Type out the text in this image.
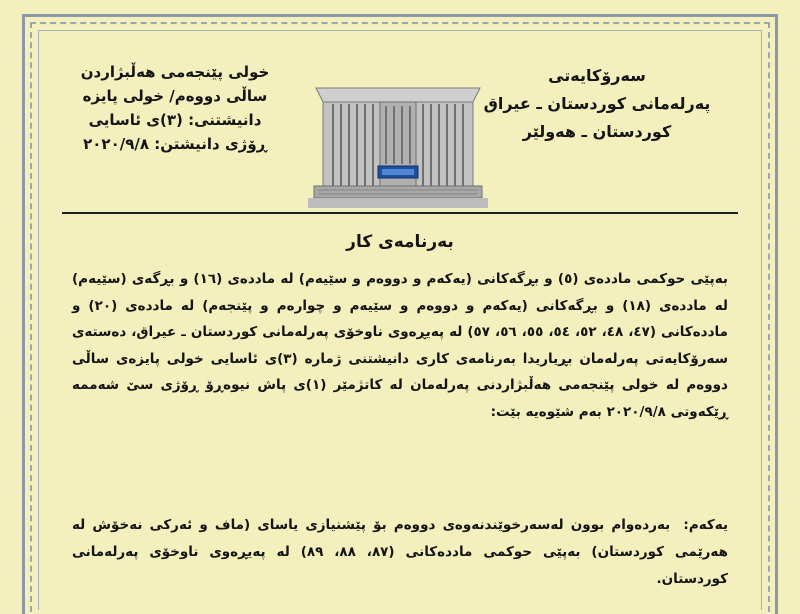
سەرۆکایەتی
پەرلەمانی کوردستان ـ عیراق
کوردستان ـ هەولێر
خولی پێنجەمی هەڵبژاردن
ساڵی دووەم/ خولی پایزە
دانیشتنی: (٣)ی ئاسایی
ڕۆژی دانیشتن: ٢٠٢٠/٩/٨
بەرنامەی کار
بەپێی حوکمی ماددەی (٥) و بڕگەکانی (یەکەم و دووەم و سێیەم) لە ماددەی (١٦) و بڕگەی (سێیەم) لە ماددەی (١٨) و بڕگەکانی (یەکەم و دووەم و سێیەم و چوارەم و پێنجەم) لە ماددەی (٢٠) و ماددەکانی (٤٧، ٤٨، ٥٢، ٥٤، ٥٥، ٥٦، ٥٧) لە پەیڕەوی ناوخۆی پەرلەمانی کوردستان ـ عیراق، دەستەی سەرۆکایەتی پەرلەمان بڕیاریدا بەرنامەی کاری دانیشتنی ژمارە (٣)ی ئاسایی خولی پایزەی ساڵی دووەم لە خولی پێنجەمی هەڵبژاردنی پەرلەمان لە کاتژمێر (١)ی پاش نیوەڕۆ ڕۆژی سێ شەممە ڕێکەوتی ٢٠٢٠/٩/٨ بەم شێوەیە بێت:
یەکەم: بەردەوام بوون لەسەرخوێندنەوەی دووەم بۆ پێشنیازی یاسای (ماف و ئەرکی نەخۆش لە هەرێمی کوردستان) بەپێی حوکمی ماددەکانی (٨٧، ٨٨، ٨٩) لە پەیڕەوی ناوخۆی پەرلەمانی کوردستان.
